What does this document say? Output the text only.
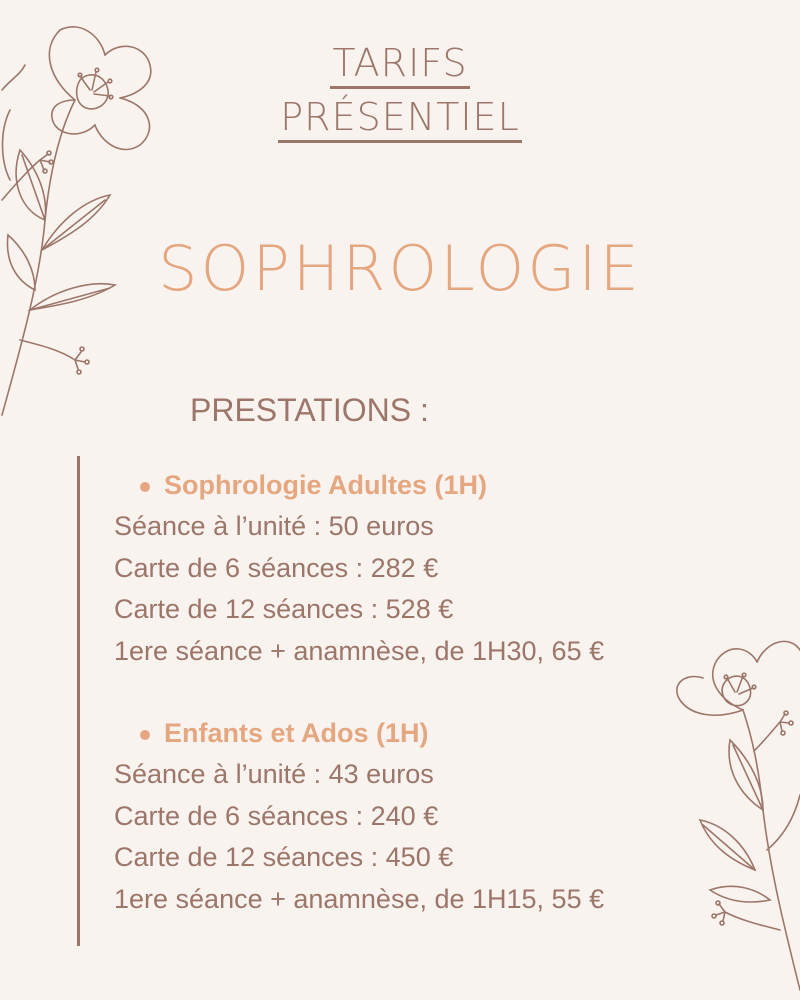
TARIFS
PRÉSENTIEL
SOPHROLOGIE
PRESTATIONS :
Sophrologie Adultes (1H)
Séance à l’unité : 50 euros
Carte de 6 séances : 282 €
Carte de 12 séances : 528 €
1ere séance + anamnèse, de 1H30, 65 €
Enfants et Ados (1H)
Séance à l’unité : 43 euros
Carte de 6 séances : 240 €
Carte de 12 séances : 450 €
1ere séance + anamnèse, de 1H15, 55 €
